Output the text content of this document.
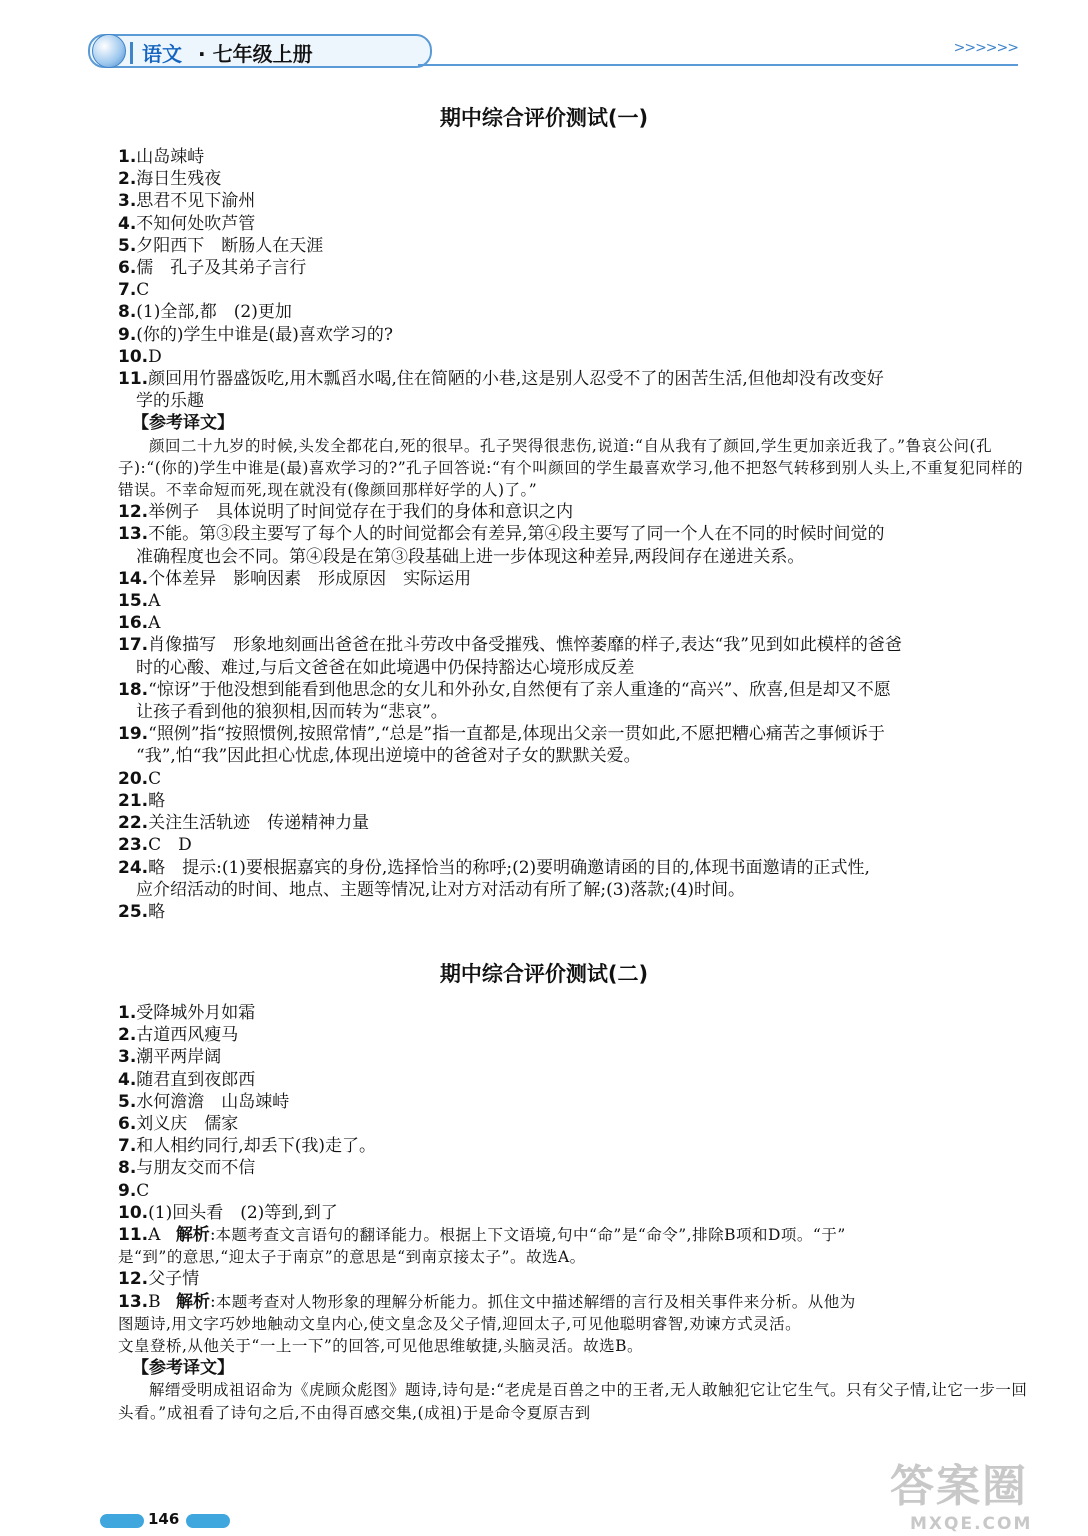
语文 · 七年级上册	>>>>>>
期中综合评价测试(一)
1.山岛竦峙
2.海日生残夜
3.思君不见下渝州
4.不知何处吹芦管
5.夕阳西下　断肠人在天涯
6.儒　孔子及其弟子言行
7.C
8.(1)全部,都　(2)更加
9.(你的)学生中谁是(最)喜欢学习的?
10.D
11.颜回用竹器盛饭吃,用木瓢舀水喝,住在简陋的小巷,这是别人忍受不了的困苦生活,但他却没有改变好
学的乐趣
【参考译文】
颜回二十九岁的时候,头发全都花白,死的很早。孔子哭得很悲伤,说道:“自从我有了颜回,学生更加亲近我了。”鲁哀公问(孔子):“(你的)学生中谁是(最)喜欢学习的?”孔子回答说:“有个叫颜回的学生最喜欢学习,他不把怒气转移到别人头上,不重复犯同样的错误。不幸命短而死,现在就没有(像颜回那样好学的人)了。”
12.举例子　具体说明了时间觉存在于我们的身体和意识之内
13.不能。第③段主要写了每个人的时间觉都会有差异,第④段主要写了同一个人在不同的时候时间觉的
准确程度也会不同。第④段是在第③段基础上进一步体现这种差异,两段间存在递进关系。
14.个体差异　影响因素　形成原因　实际运用
15.A
16.A
17.肖像描写　形象地刻画出爸爸在批斗劳改中备受摧残、憔悴萎靡的样子,表达“我”见到如此模样的爸爸
时的心酸、难过,与后文爸爸在如此境遇中仍保持豁达心境形成反差
18.“惊讶”于他没想到能看到他思念的女儿和外孙女,自然便有了亲人重逢的“高兴”、欣喜,但是却又不愿
让孩子看到他的狼狈相,因而转为“悲哀”。
19.“照例”指“按照惯例,按照常情”,“总是”指一直都是,体现出父亲一贯如此,不愿把糟心痛苦之事倾诉于
“我”,怕“我”因此担心忧虑,体现出逆境中的爸爸对子女的默默关爱。
20.C
21.略
22.关注生活轨迹　传递精神力量
23.C　D
24.略　提示:(1)要根据嘉宾的身份,选择恰当的称呼;(2)要明确邀请函的目的,体现书面邀请的正式性,
应介绍活动的时间、地点、主题等情况,让对方对活动有所了解;(3)落款;(4)时间。
25.略
期中综合评价测试(二)
1.受降城外月如霜
2.古道西风瘦马
3.潮平两岸阔
4.随君直到夜郎西
5.水何澹澹　山岛竦峙
6.刘义庆　儒家
7.和人相约同行,却丢下(我)走了。
8.与朋友交而不信
9.C
10.(1)回头看　(2)等到,到了
11.A 解析:本题考查文言语句的翻译能力。根据上下文语境,句中“命”是“命令”,排除B项和D项。“于”
是“到”的意思,“迎太子于南京”的意思是“到南京接太子”。故选A。
12.父子情
13.B 解析:本题考查对人物形象的理解分析能力。抓住文中描述解缙的言行及相关事件来分析。从他为
图题诗,用文字巧妙地触动文皇内心,使文皇念及父子情,迎回太子,可见他聪明睿智,劝谏方式灵活。
文皇登桥,从他关于“一上一下”的回答,可见他思维敏捷,头脑灵活。故选B。
【参考译文】
解缙受明成祖诏命为《虎顾众彪图》题诗,诗句是:“老虎是百兽之中的王者,无人敢触犯它让它生气。只有父子情,让它一步一回头看。”成祖看了诗句之后,不由得百感交集,(成祖)于是命令夏原吉到
146
答案圈
MXQE.COM
